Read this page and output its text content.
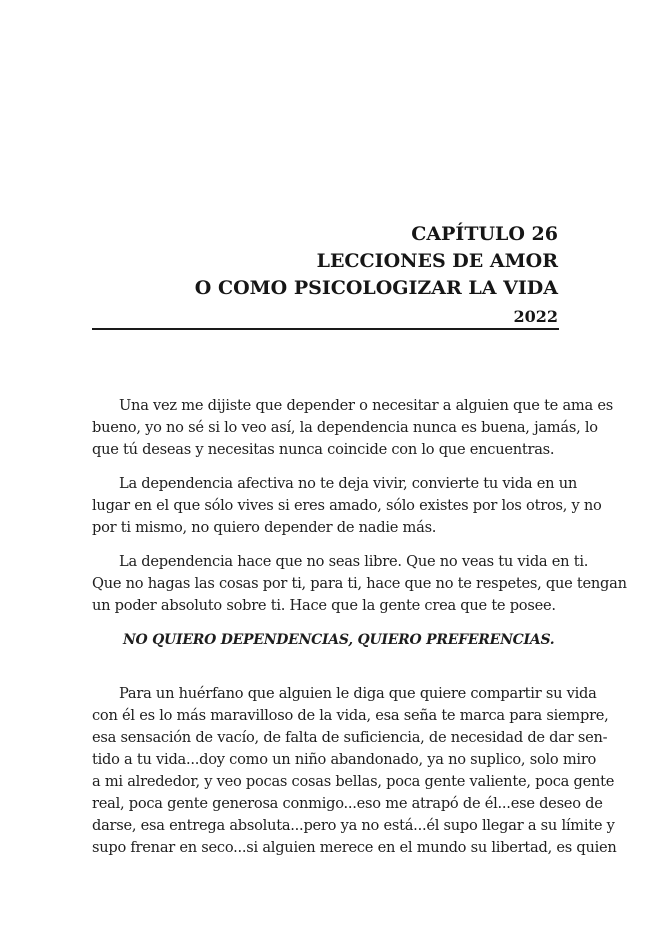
CAPÍTULO 26
LECCIONES DE AMOR
O COMO PSICOLOGIZAR LA VIDA
2022

Una vez me dijiste que depender o necesitar a alguien que te ama es
bueno, yo no sé si lo veo así, la dependencia nunca es buena, jamás, lo
que tú deseas y necesitas nunca coincide con lo que encuentras.

La dependencia afectiva no te deja vivir, convierte tu vida en un
lugar en el que sólo vives si eres amado, sólo existes por los otros, y no
por ti mismo, no quiero depender de nadie más.

La dependencia hace que no seas libre. Que no veas tu vida en ti.
Que no hagas las cosas por ti, para ti, hace que no te respetes, que tengan
un poder absoluto sobre ti. Hace que la gente crea que te posee.

NO QUIERO DEPENDENCIAS, QUIERO PREFERENCIAS.

Para un huérfano que alguien le diga que quiere compartir su vida
con él es lo más maravilloso de la vida, esa seña te marca para siempre,
esa sensación de vacío, de falta de suficiencia, de necesidad de dar sen-
tido a tu vida...doy como un niño abandonado, ya no suplico, solo miro
a mi alrededor, y veo pocas cosas bellas, poca gente valiente, poca gente
real, poca gente generosa conmigo...eso me atrapó de él...ese deseo de
darse, esa entrega absoluta...pero ya no está...él supo llegar a su límite y
supo frenar en seco...si alguien merece en el mundo su libertad, es quien
